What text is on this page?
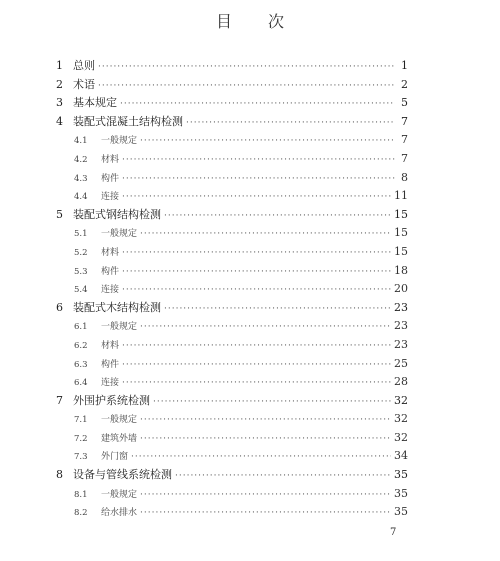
目 次
1 总则 ·····	1
2 术语 ·····	2
3 基本规定 ·····	5
4 装配式混凝土结构检测 ·····	7
4.1	一般规定 ·····	7
4.2	材料 ·····	7
4.3	构件 ·····	8
4.4	连接 ·····	11
5 装配式钢结构检测 ·····	15
5.1	一般规定 ·····	15
5.2	材料 ·····	15
5.3	构件 ·····	18
5.4	连接 ·····	20
6 装配式木结构检测 ·····	23
6.1	一般规定 ·····	23
6.2	材料 ·····	23
6.3	构件 ·····	25
6.4	连接 ·····	28
7 外围护系统检测 ·····	32
7.1	一般规定 ·····	32
7.2	建筑外墙 ·····	32
7.3	外门窗 ·····	34
8 设备与管线系统检测 ·····	35
8.1	一般规定 ·····	35
8.2	给水排水 ·····	35
7
